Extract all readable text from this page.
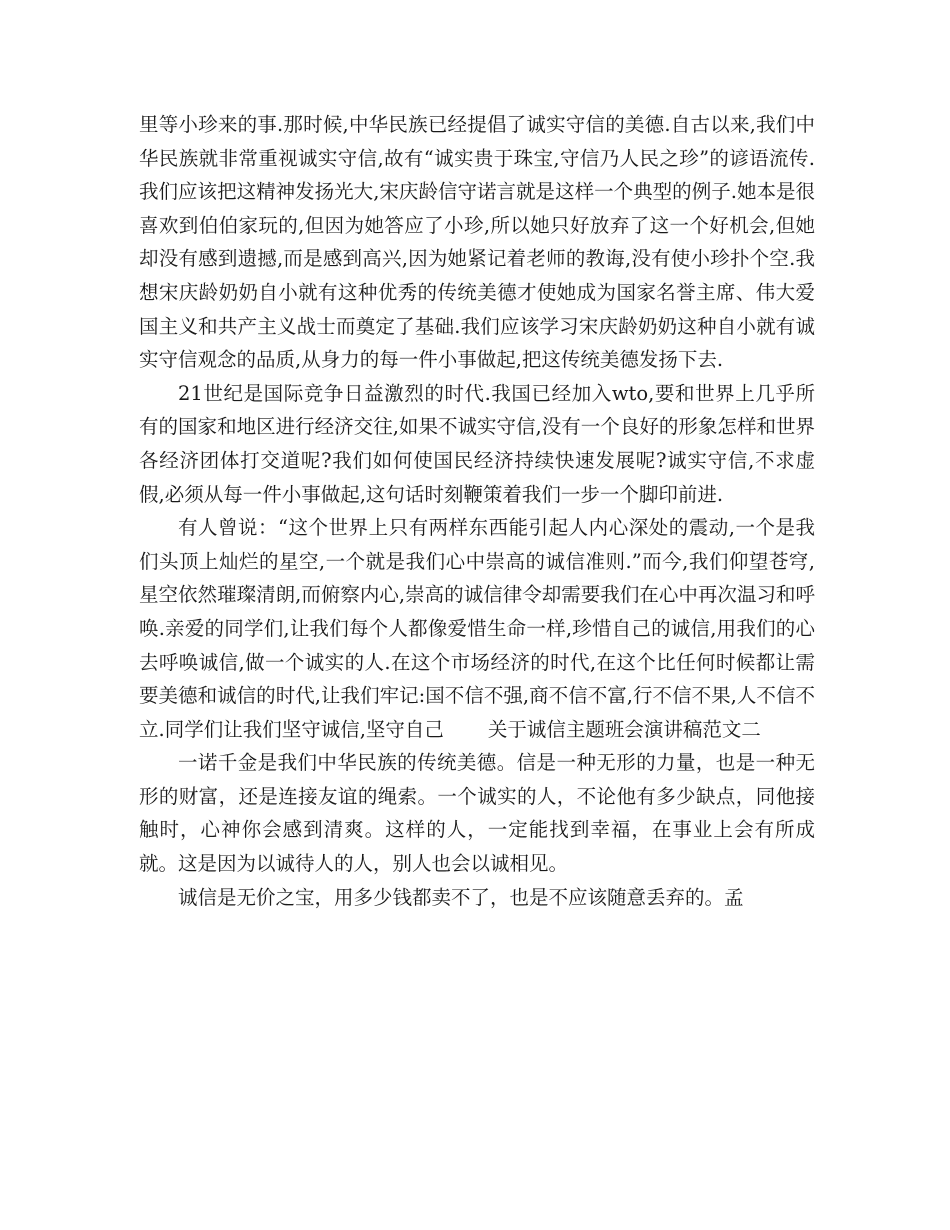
里等小珍来的事.那时候,中华民族已经提倡了诚实守信的美德.自古以来,我们中华民族就非常重视诚实守信,故有“诚实贵于珠宝,守信乃人民之珍”的谚语流传.我们应该把这精神发扬光大,宋庆龄信守诺言就是这样一个典型的例子.她本是很喜欢到伯伯家玩的,但因为她答应了小珍,所以她只好放弃了这一个好机会,但她却没有感到遗撼,而是感到高兴,因为她紧记着老师的教诲,没有使小珍扑个空.我想宋庆龄奶奶自小就有这种优秀的传统美德才使她成为国家名誉主席、伟大爱国主义和共产主义战士而奠定了基础.我们应该学习宋庆龄奶奶这种自小就有诚实守信观念的品质,从身力的每一件小事做起,把这传统美德发扬下去.

21世纪是国际竞争日益激烈的时代.我国已经加入wto,要和世界上几乎所有的国家和地区进行经济交往,如果不诚实守信,没有一个良好的形象怎样和世界各经济团体打交道呢?我们如何使国民经济持续快速发展呢?诚实守信,不求虚假,必须从每一件小事做起,这句话时刻鞭策着我们一步一个脚印前进.

有人曾说：“这个世界上只有两样东西能引起人内心深处的震动,一个是我们头顶上灿烂的星空,一个就是我们心中崇高的诚信准则.”而今,我们仰望苍穹,星空依然璀璨清朗,而俯察内心,崇高的诚信律令却需要我们在心中再次温习和呼唤.亲爱的同学们,让我们每个人都像爱惜生命一样,珍惜自己的诚信,用我们的心去呼唤诚信,做一个诚实的人.在这个市场经济的时代,在这个比任何时候都让需要美德和诚信的时代,让我们牢记:国不信不强,商不信不富,行不信不果,人不信不立.同学们让我们坚守诚信,坚守自己 关于诚信主题班会演讲稿范文二

一诺千金是我们中华民族的传统美德。信是一种无形的力量，也是一种无形的财富，还是连接友谊的绳索。一个诚实的人，不论他有多少缺点，同他接触时，心神你会感到清爽。这样的人，一定能找到幸福，在事业上会有所成就。这是因为以诚待人的人，别人也会以诚相见。

诚信是无价之宝，用多少钱都卖不了，也是不应该随意丢弃的。孟
